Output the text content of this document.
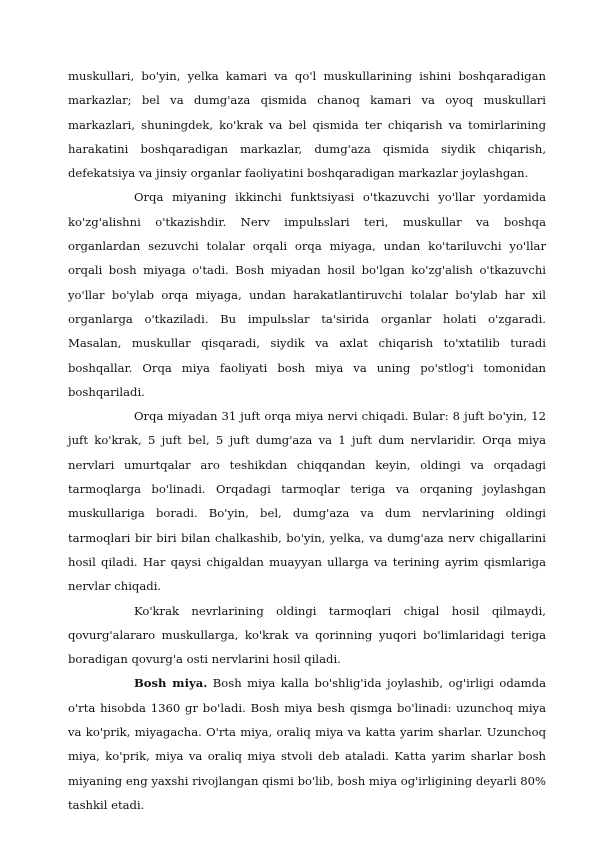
muskullari, bo'yin, yelka kamari va qo'l muskullarining ishini boshqaradigan markazlar; bel va dumg'aza qismida chanoq kamari va oyoq muskullari markazlari, shuningdek, ko'krak va bel qismida ter chiqarish va tomirlarining harakatini boshqaradigan markazlar, dumg'aza qismida siydik chiqarish, defekatsiya va jinsiy organlar faoliyatini boshqaradigan markazlar joylashgan.

Orqa miyaning ikkinchi funktsiyasi o'tkazuvchi yo'llar yordamida ko'zg'alishni o'tkazishdir. Nerv impulьslari teri, muskullar va boshqa organlardan sezuvchi tolalar orqali orqa miyaga, undan ko'tariluvchi yo'llar orqali bosh miyaga o'tadi. Bosh miyadan hosil bo'lgan ko'zg'alish o'tkazuvchi yo'llar bo'ylab orqa miyaga, undan harakatlantiruvchi tolalar bo'ylab har xil organlarga o'tkaziladi. Bu impulьslar ta'sirida organlar holati o'zgaradi. Masalan, muskullar qisqaradi, siydik va axlat chiqarish to'xtatilib turadi boshqallar. Orqa miya faoliyati bosh miya va uning po'stlog'i tomonidan boshqariladi.

Orqa miyadan 31 juft orqa miya nervi chiqadi. Bular: 8 juft bo'yin, 12 juft ko'krak, 5 juft bel, 5 juft dumg'aza va 1 juft dum nervlaridir. Orqa miya nervlari umurtqalar aro teshikdan chiqqandan keyin, oldingi va orqadagi tarmoqlarga bo'linadi. Orqadagi tarmoqlar teriga va orqaning joylashgan muskullariga boradi. Bo'yin, bel, dumg'aza va dum nervlarining oldingi tarmoqlari bir biri bilan chalkashib, bo'yin, yelka, va dumg'aza nerv chigallarini hosil qiladi. Har qaysi chigaldan muayyan ullarga va terining ayrim qismlariga nervlar chiqadi.

Ko'krak nevrlarining oldingi tarmoqlari chigal hosil qilmaydi, qovurg'alararo muskullarga, ko'krak va qorinning yuqori bo'limlaridagi teriga boradigan qovurg'a osti nervlarini hosil qiladi.

Bosh miya. Bosh miya kalla bo'shlig'ida joylashib, og'irligi odamda o'rta hisobda 1360 gr bo'ladi. Bosh miya besh qismga bo'linadi: uzunchoq miya va ko'prik, miyagacha. O'rta miya, oraliq miya va katta yarim sharlar. Uzunchoq miya, ko'prik, miya va oraliq miya stvoli deb ataladi. Katta yarim sharlar bosh miyaning eng yaxshi rivojlangan qismi bo'lib, bosh miya og'irligining deyarli 80% tashkil etadi.
